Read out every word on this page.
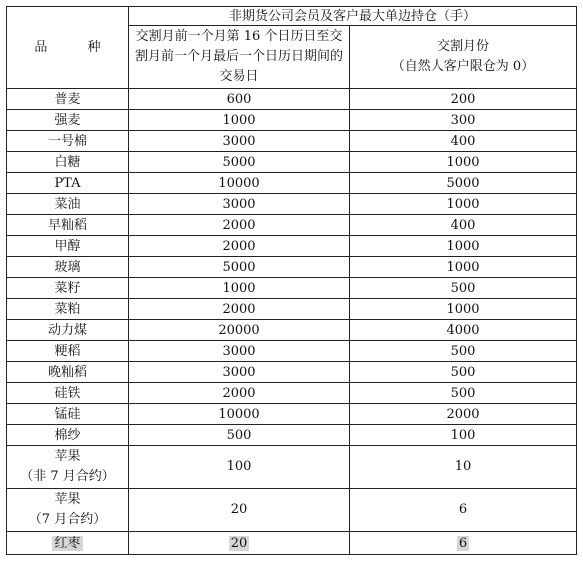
品 种	非期货公司会员及客户最大单边持仓（手）	
	交割月前一个月第 16 个日历日至交割月前一个月最后一个日历日期间的交易日	交割月份
（自然人客户限仓为 0）
普麦	600	200
强麦	1000	300
一号棉	3000	400
白糖	5000	1000
PTA	10000	5000
菜油	3000	1000
早籼稻	2000	400
甲醇	2000	1000
玻璃	5000	1000
菜籽	1000	500
菜粕	2000	1000
动力煤	20000	4000
粳稻	3000	500
晚籼稻	3000	500
硅铁	2000	500
锰硅	10000	2000
棉纱	500	100
苹果
（非 7 月合约）	100	10
苹果
（7 月合约）	20	6
红枣	20	6
